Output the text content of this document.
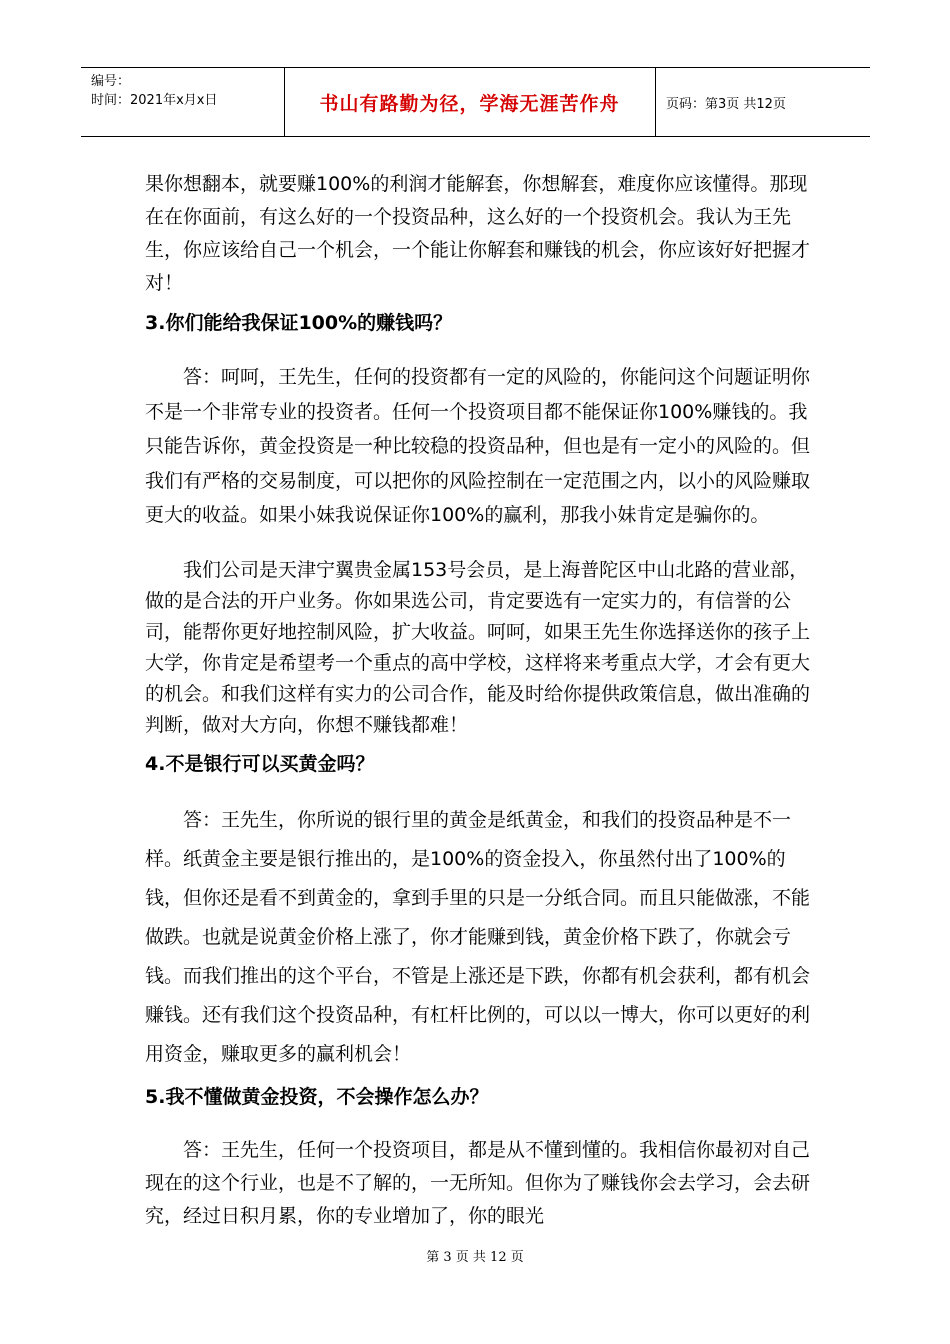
编号：
时间：2021年x月x日	书山有路勤为径，学海无涯苦作舟	页码：第3页 共12页

果你想翻本，就要赚100%的利润才能解套，你想解套，难度你应该懂得。那现在在你面前，有这么好的一个投资品种，这么好的一个投资机会。我认为王先生，你应该给自己一个机会，一个能让你解套和赚钱的机会，你应该好好把握才对！

3.你们能给我保证100%的赚钱吗？

　　答：呵呵，王先生，任何的投资都有一定的风险的，你能问这个问题证明你不是一个非常专业的投资者。任何一个投资项目都不能保证你100%赚钱的。我只能告诉你，黄金投资是一种比较稳的投资品种，但也是有一定小的风险的。但我们有严格的交易制度，可以把你的风险控制在一定范围之内，以小的风险赚取更大的收益。如果小妹我说保证你100%的赢利，那我小妹肯定是骗你的。

　　我们公司是天津宁翼贵金属153号会员，是上海普陀区中山北路的营业部，做的是合法的开户业务。你如果选公司，肯定要选有一定实力的，有信誉的公司，能帮你更好地控制风险，扩大收益。呵呵，如果王先生你选择送你的孩子上大学，你肯定是希望考一个重点的高中学校，这样将来考重点大学，才会有更大的机会。和我们这样有实力的公司合作，能及时给你提供政策信息，做出准确的判断，做对大方向，你想不赚钱都难！

4.不是银行可以买黄金吗？

　　答：王先生，你所说的银行里的黄金是纸黄金，和我们的投资品种是不一样。纸黄金主要是银行推出的，是100%的资金投入，你虽然付出了100%的钱，但你还是看不到黄金的，拿到手里的只是一分纸合同。而且只能做涨，不能做跌。也就是说黄金价格上涨了，你才能赚到钱，黄金价格下跌了，你就会亏钱。而我们推出的这个平台，不管是上涨还是下跌，你都有机会获利，都有机会赚钱。还有我们这个投资品种，有杠杆比例的，可以以一博大，你可以更好的利用资金，赚取更多的赢利机会！

5.我不懂做黄金投资，不会操作怎么办？

　　答：王先生，任何一个投资项目，都是从不懂到懂的。我相信你最初对自己现在的这个行业，也是不了解的，一无所知。但你为了赚钱你会去学习，会去研究，经过日积月累，你的专业增加了，你的眼光

第 3 页 共 12 页
